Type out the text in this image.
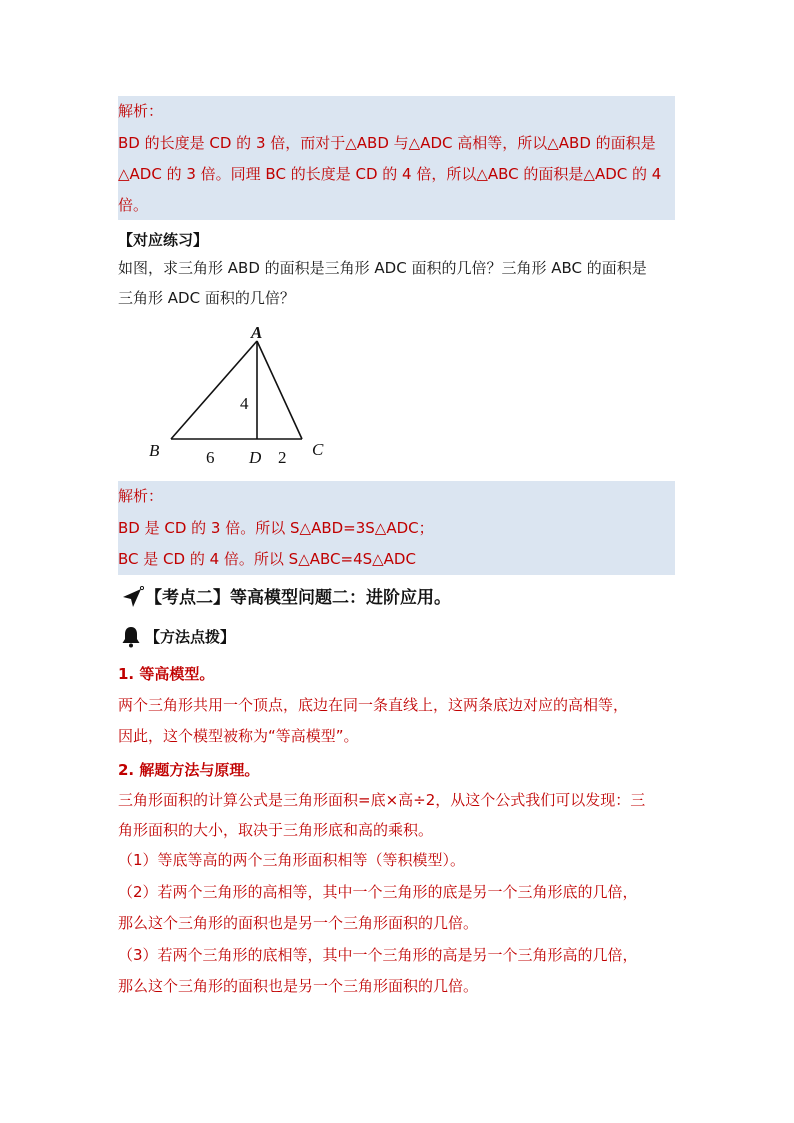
解析：
BD 的长度是 CD 的 3 倍，而对于△ABD 与△ADC 高相等，所以△ABD 的面积是
△ADC 的 3 倍。同理 BC 的长度是 CD 的 4 倍，所以△ABC 的面积是△ADC 的 4
倍。
【对应练习】
如图，求三角形 ABD 的面积是三角形 ADC 面积的几倍？三角形 ABC 的面积是
三角形 ADC 面积的几倍？
A
B	C
D
4
6	2
解析：
BD 是 CD 的 3 倍。所以 S△ABD=3S△ADC；
BC 是 CD 的 4 倍。所以 S△ABC=4S△ADC
【考点二】等高模型问题二：进阶应用。
【方法点拨】
1. 等高模型。
两个三角形共用一个顶点，底边在同一条直线上，这两条底边对应的高相等，
因此，这个模型被称为“等高模型”。
2. 解题方法与原理。
三角形面积的计算公式是三角形面积=底×高÷2，从这个公式我们可以发现：三
角形面积的大小，取决于三角形底和高的乘积。
（1）等底等高的两个三角形面积相等（等积模型）。
（2）若两个三角形的高相等，其中一个三角形的底是另一个三角形底的几倍，
那么这个三角形的面积也是另一个三角形面积的几倍。
（3）若两个三角形的底相等，其中一个三角形的高是另一个三角形高的几倍，
那么这个三角形的面积也是另一个三角形面积的几倍。
